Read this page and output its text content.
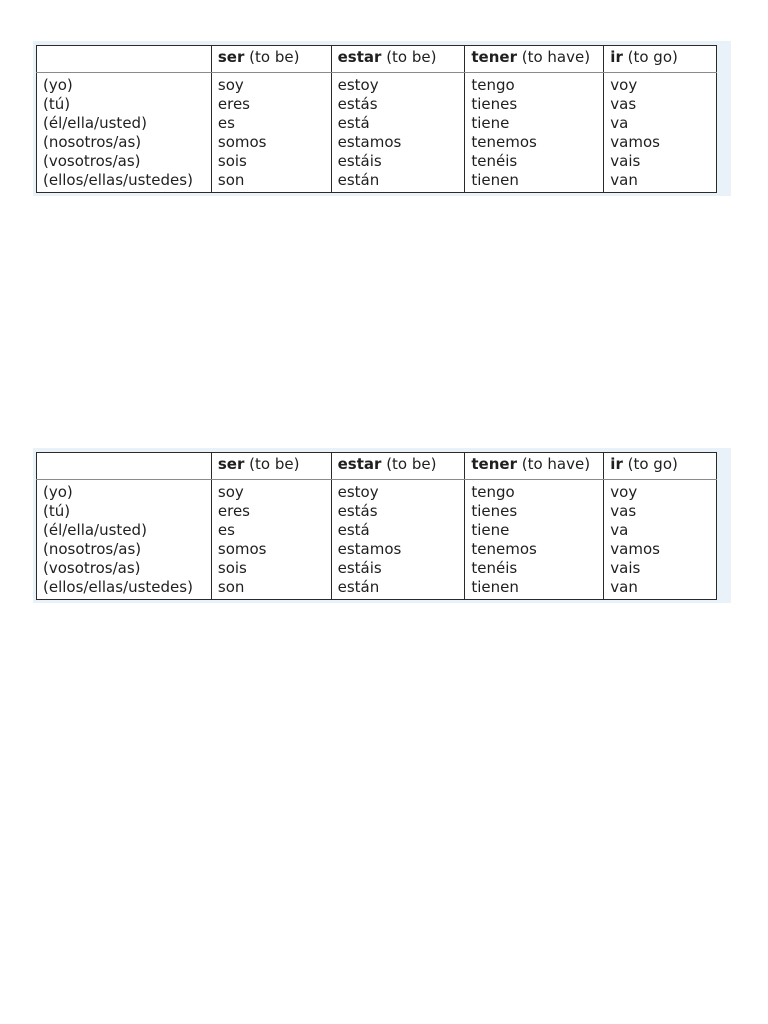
	ser (to be)	estar (to be)	tener (to have)	ir (to go)
(yo)	soy	estoy	tengo	voy
(tú)	eres	estás	tienes	vas
(él/ella/usted)	es	está	tiene	va
(nosotros/as)	somos	estamos	tenemos	vamos
(vosotros/as)	sois	estáis	tenéis	vais
(ellos/ellas/ustedes)	son	están	tienen	van
	ser (to be)	estar (to be)	tener (to have)	ir (to go)
(yo)	soy	estoy	tengo	voy
(tú)	eres	estás	tienes	vas
(él/ella/usted)	es	está	tiene	va
(nosotros/as)	somos	estamos	tenemos	vamos
(vosotros/as)	sois	estáis	tenéis	vais
(ellos/ellas/ustedes)	son	están	tienen	van
